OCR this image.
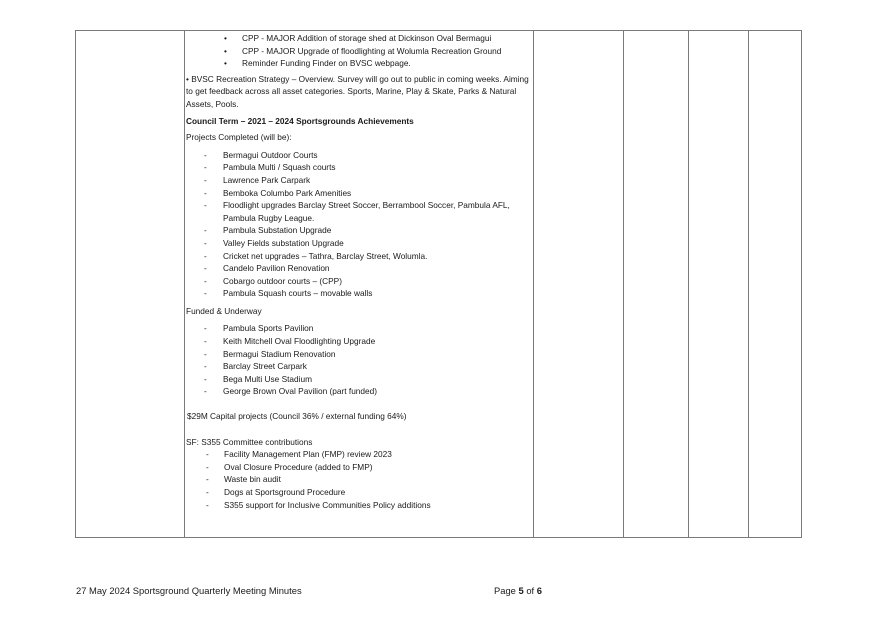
• CPP - MAJOR Addition of storage shed at Dickinson Oval Bermagui
• CPP - MAJOR Upgrade of floodlighting at Wolumla Recreation Ground
• Reminder Funding Finder on BVSC webpage.

• BVSC Recreation Strategy – Overview. Survey will go out to public in coming weeks. Aiming to get feedback across all asset categories. Sports, Marine, Play & Skate, Parks & Natural Assets, Pools.

Council Term – 2021 – 2024 Sportsgrounds Achievements

Projects Completed (will be):

- Bermagui Outdoor Courts
- Pambula Multi / Squash courts
- Lawrence Park Carpark
- Bemboka Columbo Park Amenities
- Floodlight upgrades Barclay Street Soccer, Berrambool Soccer, Pambula AFL, Pambula Rugby League.
- Pambula Substation Upgrade
- Valley Fields substation Upgrade
- Cricket net upgrades – Tathra, Barclay Street, Wolumla.
- Candelo Pavilion Renovation
- Cobargo outdoor courts – (CPP)
- Pambula Squash courts – movable walls

Funded & Underway

- Pambula Sports Pavilion
- Keith Mitchell Oval Floodlighting Upgrade
- Bermagui Stadium Renovation
- Barclay Street Carpark
- Bega Multi Use Stadium
- George Brown Oval Pavilion (part funded)

$29M Capital projects (Council 36% / external funding 64%)

SF: S355 Committee contributions

- Facility Management Plan (FMP) review 2023
- Oval Closure Procedure (added to FMP)
- Waste bin audit
- Dogs at Sportsground Procedure
- S355 support for Inclusive Communities Policy additions
27 May 2024 Sportsground Quarterly Meeting Minutes	Page 5 of 6
